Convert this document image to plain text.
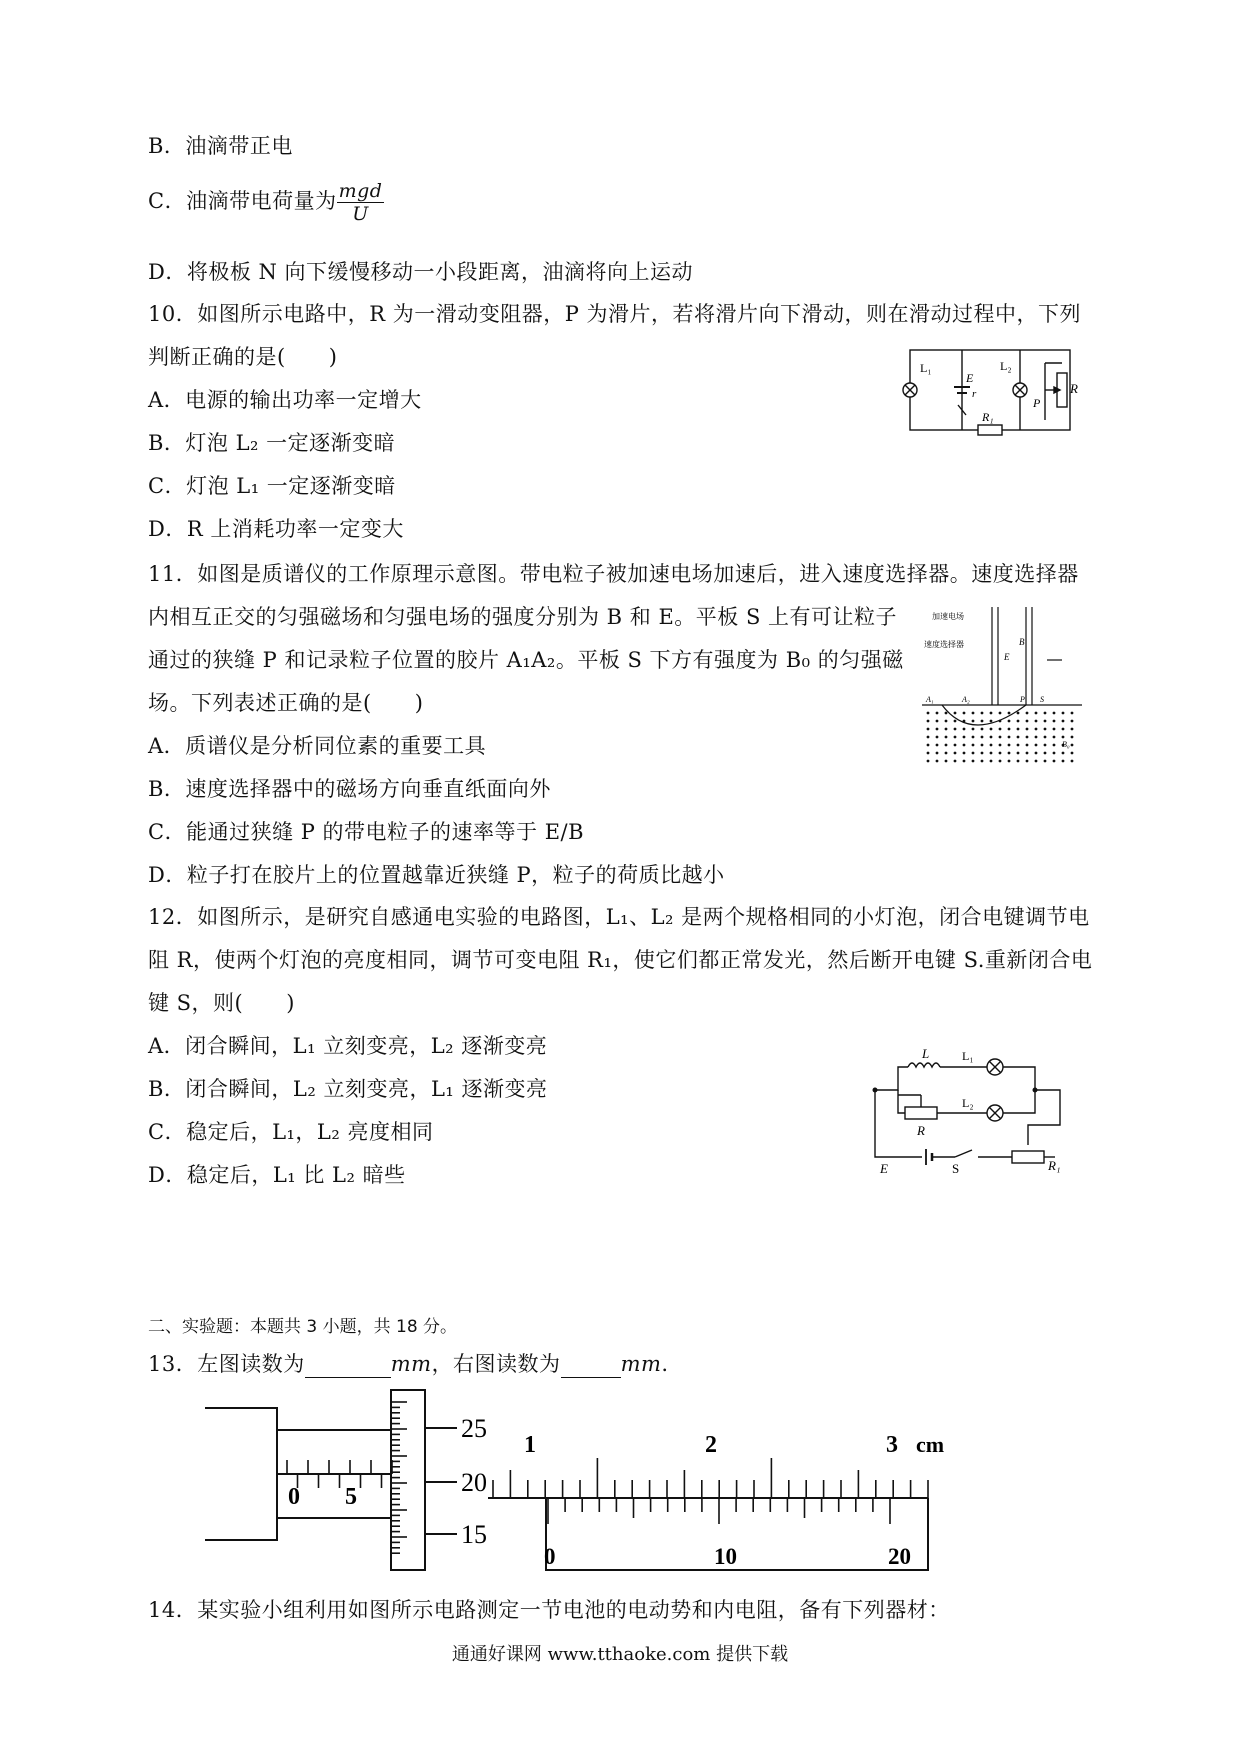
B．油滴带正电
C．油滴带电荷量为 $\frac{\text{mgd}}{U}$
D．将极板 N 向下缓慢移动一小段距离，油滴将向上运动
10．如图所示电路中，R 为一滑动变阻器，P 为滑片，若将滑片向下滑动，则在滑动过程中，下列
判断正确的是(　　)
A．电源的输出功率一定增大
B．灯泡 L₂ 一定逐渐变暗
C．灯泡 L₁ 一定逐渐变暗
D．R 上消耗功率一定变大
L₁
E
r
L₂
R
P
R₁
11．如图是质谱仪的工作原理示意图。带电粒子被加速电场加速后，进入速度选择器。速度选择器
内相互正交的匀强磁场和匀强电场的强度分别为 B 和 E。平板 S 上有可让粒子
通过的狭缝 P 和记录粒子位置的胶片 A₁A₂。平板 S 下方有强度为 B₀ 的匀强磁
场。下列表述正确的是(　　)
A．质谱仪是分析同位素的重要工具
B．速度选择器中的磁场方向垂直纸面向外
C．能通过狭缝 P 的带电粒子的速率等于 E/B
D．粒子打在胶片上的位置越靠近狭缝 P，粒子的荷质比越小
加速电场
速度选择器
E
B
A₁	A₂	P S
B₀
12．如图所示，是研究自感通电实验的电路图，L₁、L₂ 是两个规格相同的小灯泡，闭合电键调节电
阻 R，使两个灯泡的亮度相同，调节可变电阻 R₁，使它们都正常发光，然后断开电键 S.重新闭合电
键 S，则(　　)
A．闭合瞬间，L₁ 立刻变亮，L₂ 逐渐变亮
B．闭合瞬间，L₂ 立刻变亮，L₁ 逐渐变亮
C．稳定后，L₁，L₂ 亮度相同
D．稳定后，L₁ 比 L₂ 暗些
L	L₁
L₂
R
E	S	R₁
二、实验题：本题共 3 小题，共 18 分。
13．左图读数为	mm，右图读数为	mm.
0 5
25
20
15
1	2	3 cm
0	10	20
14．某实验小组利用如图所示电路测定一节电池的电动势和内电阻，备有下列器材：
通通好课网 www.tthaoke.com 提供下载
